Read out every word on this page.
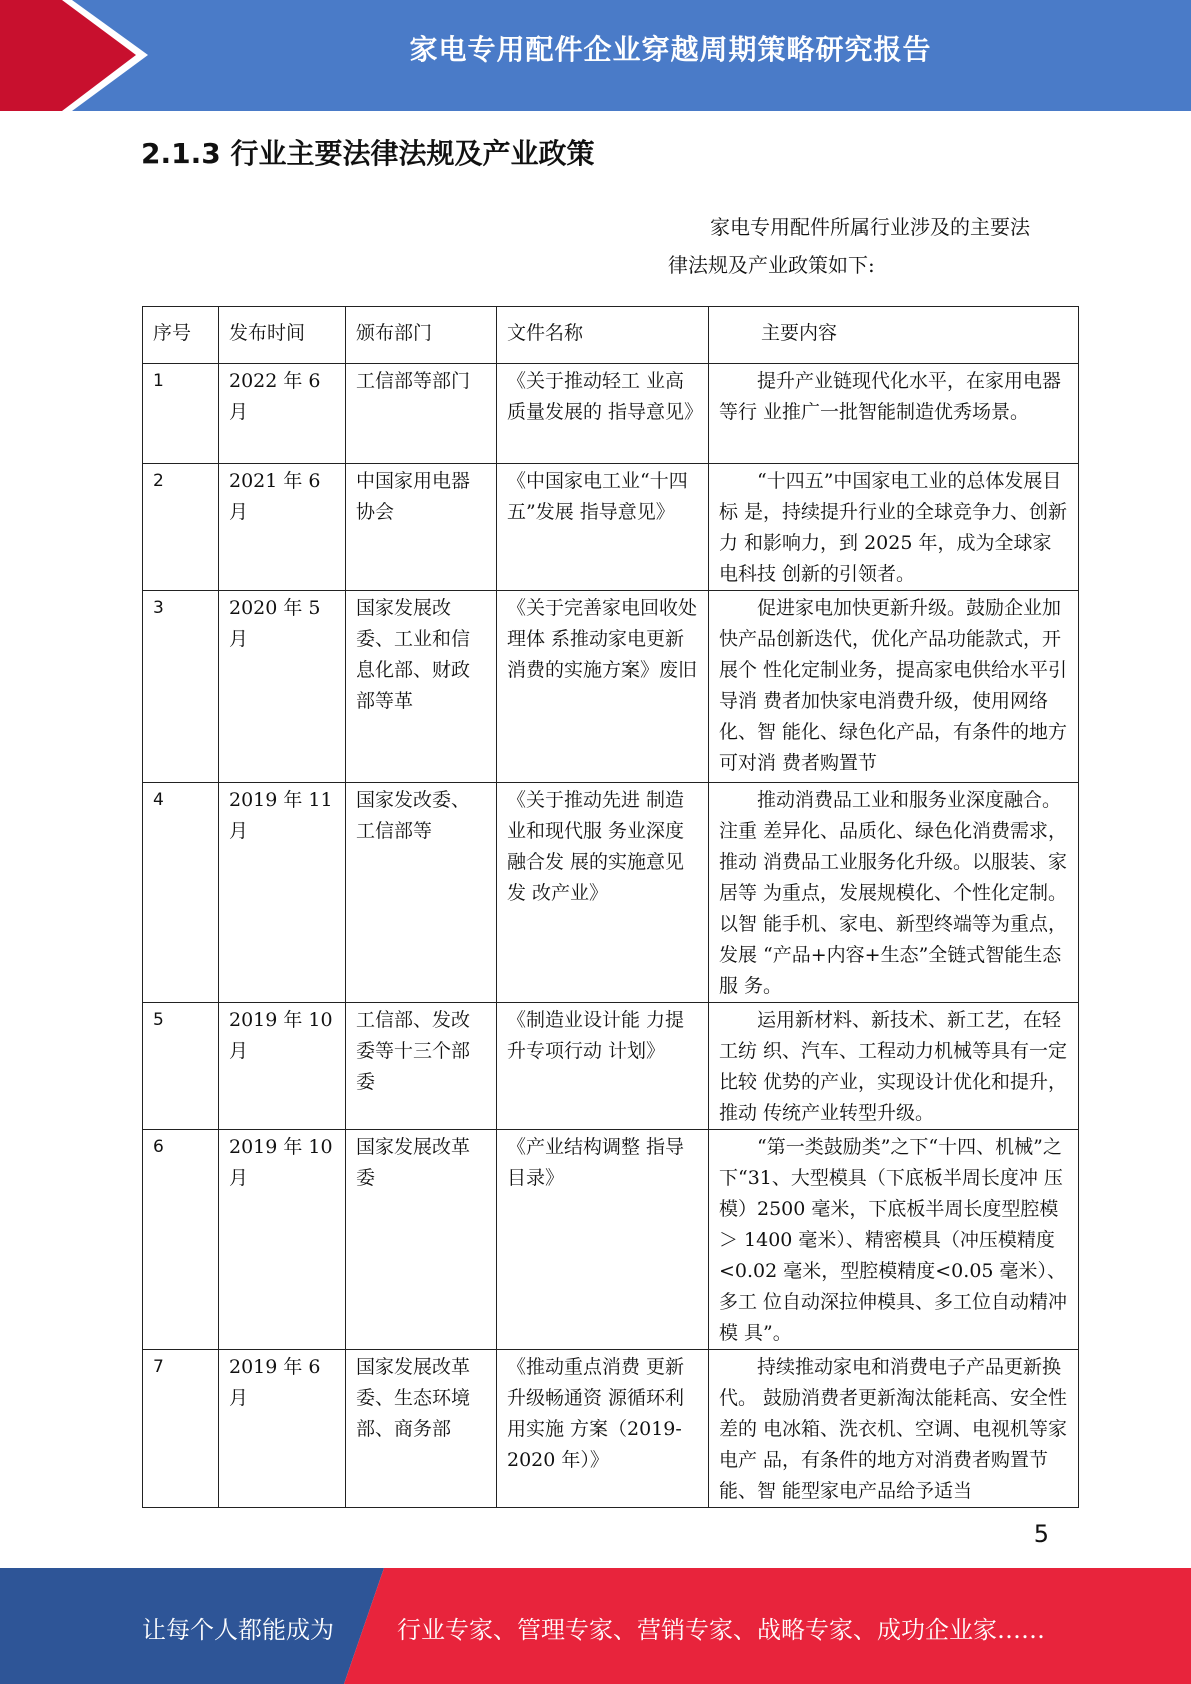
家电专用配件企业穿越周期策略研究报告
2.1.3 行业主要法律法规及产业政策
家电专用配件所属行业涉及的主要法
律法规及产业政策如下:
序号	发布时间	颁布部门	文件名称	主要内容
1	2022 年 6 月	工信部等部门	《关于推动轻工 业高质量发展的 指导意见》	提升产业链现代化水平，在家用电器等行 业推广一批智能制造优秀场景。
2	2021 年 6 月	中国家用电器协会	《中国家电工业“十四五”发展 指导意见》	“十四五”中国家电工业的总体发展目标 是，持续提升行业的全球竞争力、创新力 和影响力，到 2025 年，成为全球家电科技 创新的引领者。
3	2020 年 5 月	国家发展改委、工业和信息化部、财政部等革	《关于完善家电回收处理体 系推动家电更新 消费的实施方案》废旧	促进家电加快更新升级。鼓励企业加快产品创新迭代，优化产品功能款式，开展个 性化定制业务，提高家电供给水平引导消 费者加快家电消费升级，使用网络化、智 能化、绿色化产品，有条件的地方可对消 费者购置节
4	2019 年 11 月	国家发改委、工信部等	《关于推动先进 制造业和现代服 务业深度融合发 展的实施意见发 改产业》	推动消费品工业和服务业深度融合。注重 差异化、品质化、绿色化消费需求，推动 消费品工业服务化升级。以服装、家居等 为重点，发展规模化、个性化定制。以智 能手机、家电、新型终端等为重点，发展 “产品+内容+生态”全链式智能生态服 务。
5	2019 年 10 月	工信部、发改委等十三个部委	《制造业设计能 力提升专项行动 计划》	运用新材料、新技术、新工艺，在轻工纺 织、汽车、工程动力机械等具有一定比较 优势的产业，实现设计优化和提升，推动 传统产业转型升级。
6	2019 年 10 月	国家发展改革委	《产业结构调整 指导目录》	“第一类鼓励类”之下“十四、机械”之下“31、大型模具（下底板半周长度冲 压模）2500 毫米，下底板半周长度型腔模 ＞ 1400 毫米）、精密模具（冲压模精度 <0.02 毫米，型腔模精度<0.05 毫米）、多工 位自动深拉伸模具、多工位自动精冲模 具”。
7	2019 年 6 月	国家发展改革委、生态环境部、商务部	《推动重点消费 更新升级畅通资 源循环利用实施 方案（2019- 2020 年）》	持续推动家电和消费电子产品更新换代。 鼓励消费者更新淘汰能耗高、安全性差的 电冰箱、洗衣机、空调、电视机等家电产 品，有条件的地方对消费者购置节能、智 能型家电产品给予适当
5
让每个人都能成为	行业专家、管理专家、营销专家、战略专家、成功企业家……
